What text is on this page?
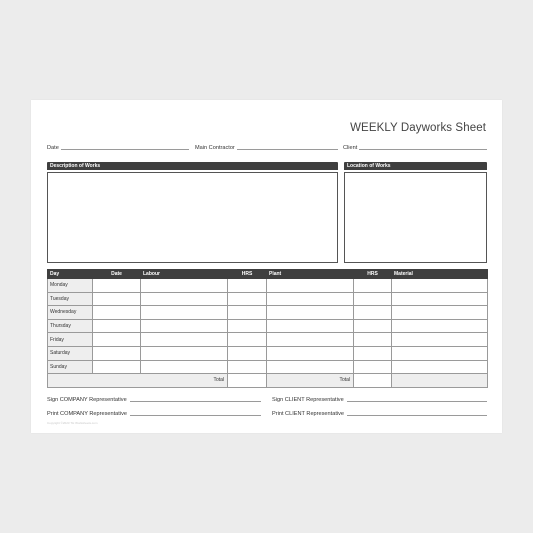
WEEKLY Dayworks Sheet
Date	Main Contractor	Client
Description of Works	Location of Works
Day	Date	Labour	HRS	Plant	HRS	Material
Monday						
Tuesday						
Wednesday						
Thursday						
Friday						
Saturday						
Sunday						
Total				Total		
Sign COMPANY Representative	Sign CLIENT Representative
Print COMPANY Representative	Print CLIENT Representative
Copyright ©2023 TH Worksheets.com
